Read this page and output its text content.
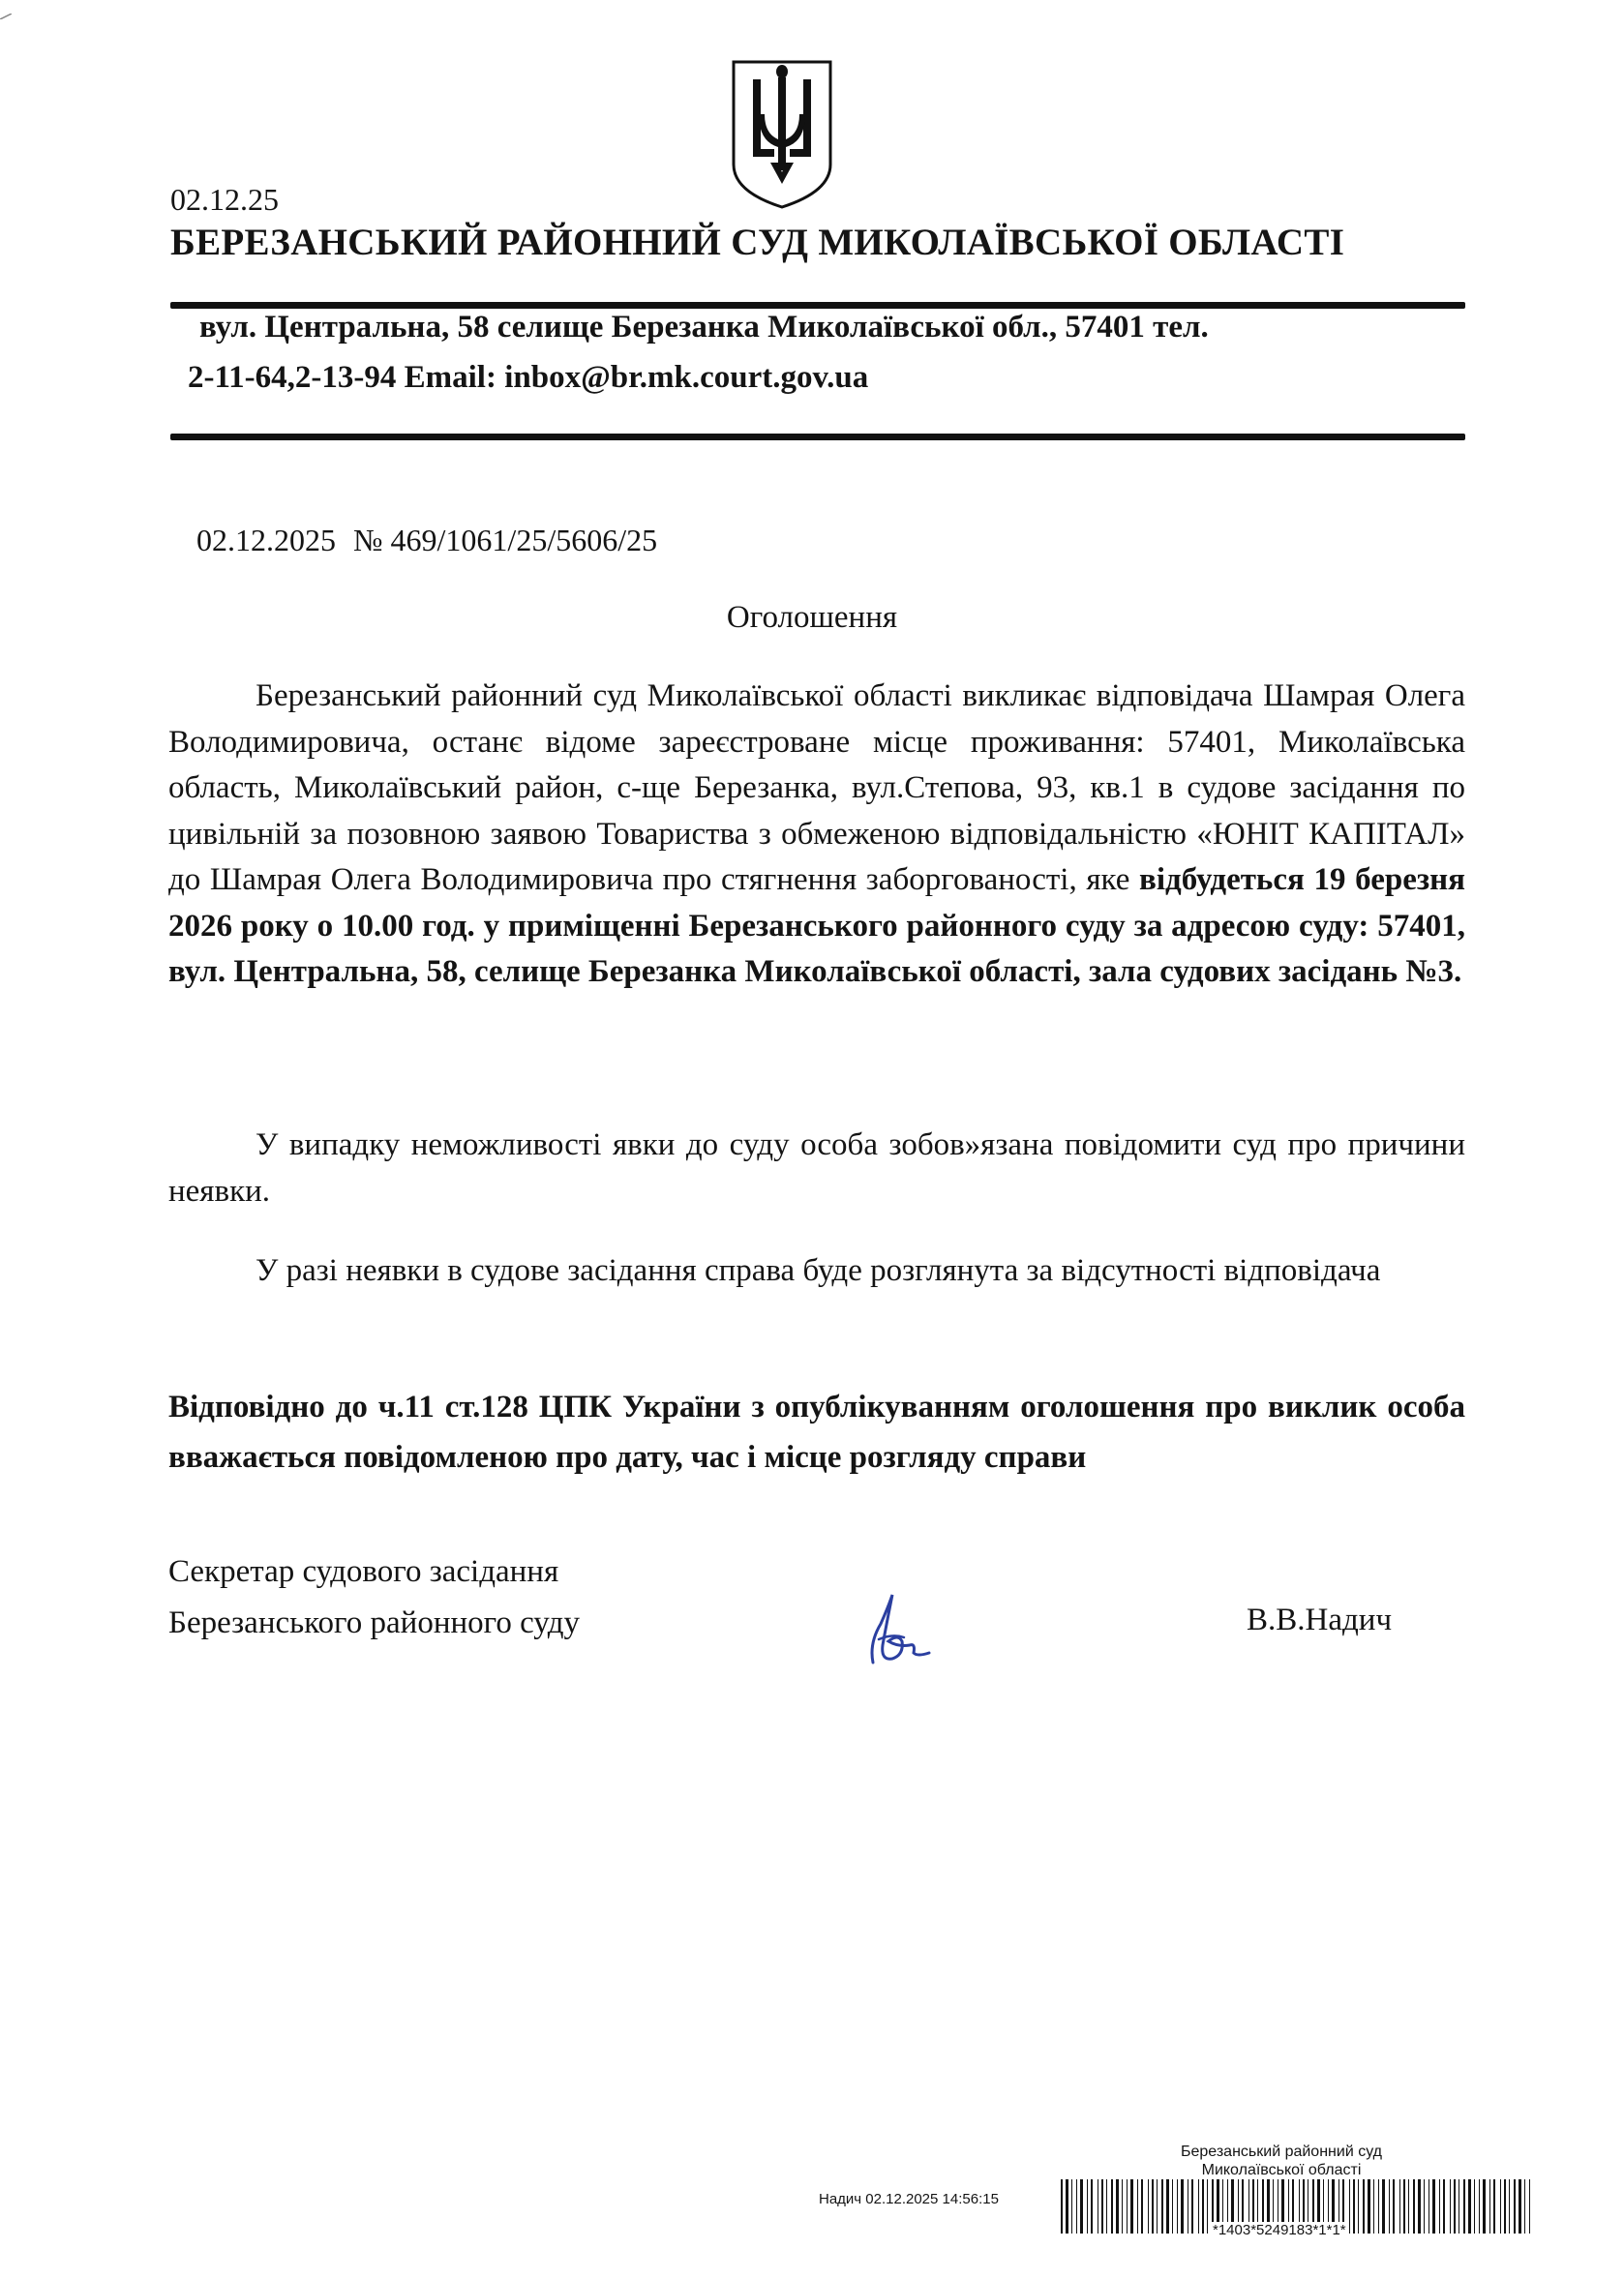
02.12.25
БЕРЕЗАНСЬКИЙ РАЙОННИЙ СУД МИКОЛАЇВСЬКОЇ ОБЛАСТІ
вул. Центральна, 58 селище Березанка Миколаївської обл., 57401 тел.
2-11-64,2-13-94 Email: inbox@br.mk.court.gov.ua
02.12.2025 № 469/1061/25/5606/25
Оголошення
Березанський районний суд Миколаївської області викликає відповідача Шамрая Олега Володимировича, останє відоме зареєстроване місце проживання: 57401, Миколаївська область, Миколаївський район, с-ще Березанка, вул.Степова, 93, кв.1 в судове засідання по цивільній за позовною заявою Товариства з обмеженою відповідальністю «ЮНІТ КАПІТАЛ» до Шамрая Олега Володимировича про стягнення заборгованості, яке відбудеться 19 березня 2026 року о 10.00 год. у приміщенні Березанського районного суду за адресою суду: 57401, вул. Центральна, 58, селище Березанка Миколаївської області, зала судових засідань №3.
У випадку неможливості явки до суду особа зобов»язана повідомити суд про причини неявки.
У разі неявки в судове засідання справа буде розглянута за відсутності відповідача
Відповідно до ч.11 ст.128 ЦПК України з опублікуванням оголошення про виклик особа вважається повідомленою про дату, час і місце розгляду справи
Секретар судового засідання
Березанського районного суду	В.В.Надич
Березанський районний суд
Миколаївської області
Надич 02.12.2025 14:56:15
*1403*5249183*1*1*
